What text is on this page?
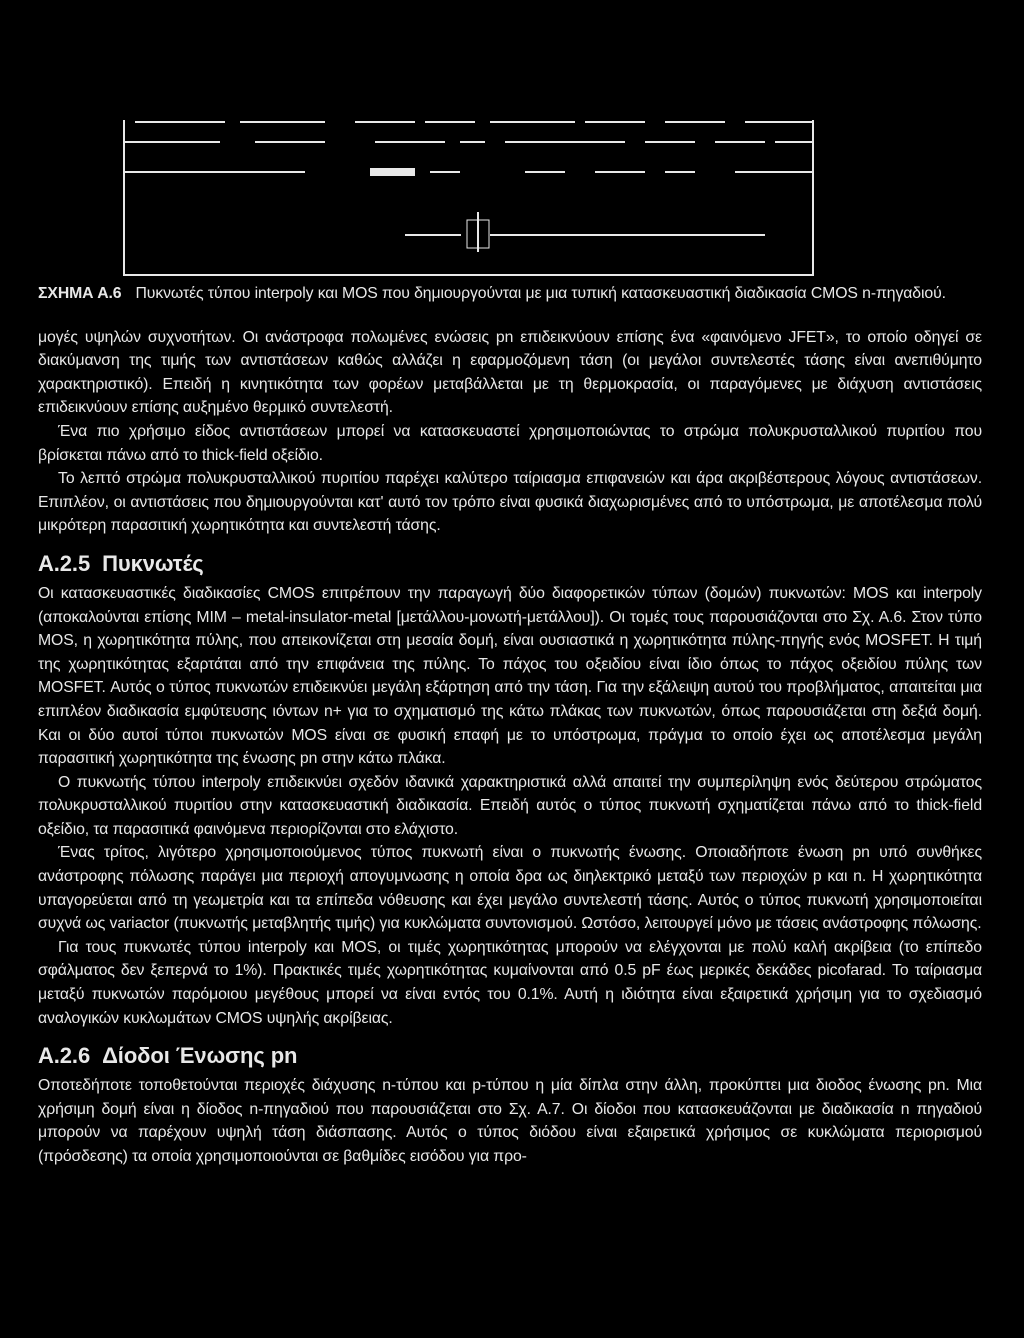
ΣΧΗΜΑ Α.6 Πυκνωτές τύπου interpoly και MOS που δημιουργούνται με μια τυπική κατασκευαστική διαδικασία CMOS n-πηγαδιού.

μογές υψηλών συχνοτήτων. Οι ανάστροφα πολωμένες ενώσεις pn επιδεικνύουν επίσης ένα «φαινόμενο JFET», το οποίο οδηγεί σε διακύμανση της τιμής των αντιστάσεων καθώς αλλάζει η εφαρμοζόμενη τάση (οι μεγάλοι συντελεστές τάσης είναι ανεπιθύμητο χαρακτηριστικό). Επειδή η κινητικότητα των φορέων μεταβάλλεται με τη θερμοκρασία, οι παραγόμενες με διάχυση αντιστάσεις επιδεικνύουν επίσης αυξημένο θερμικό συντελεστή.

Ένα πιο χρήσιμο είδος αντιστάσεων μπορεί να κατασκευαστεί χρησιμοποιώντας το στρώμα πολυκρυσταλλικού πυριτίου που βρίσκεται πάνω από το thick-field οξείδιο.

Το λεπτό στρώμα πολυκρυσταλλικού πυριτίου παρέχει καλύτερο ταίριασμα επιφανειών και άρα ακριβέστερους λόγους αντιστάσεων. Επιπλέον, οι αντιστάσεις που δημιουργούνται κατ' αυτό τον τρόπο είναι φυσικά διαχωρισμένες από το υπόστρωμα, με αποτέλεσμα πολύ μικρότερη παρασιτική χωρητικότητα και συντελεστή τάσης.

Α.2.5 Πυκνωτές

Οι κατασκευαστικές διαδικασίες CMOS επιτρέπουν την παραγωγή δύο διαφορετικών τύπων (δομών) πυκνωτών: MOS και interpoly (αποκαλούνται επίσης MIM – metal-insulator-metal [μετάλλου-μονωτή-μετάλλου]). Οι τομές τους παρουσιάζονται στο Σχ. Α.6. Στον τύπο MOS, η χωρητικότητα πύλης, που απεικονίζεται στη μεσαία δομή, είναι ουσιαστικά η χωρητικότητα πύλης-πηγής ενός MOSFET. Η τιμή της χωρητικότητας εξαρτάται από την επιφάνεια της πύλης. Το πάχος του οξειδίου είναι ίδιο όπως το πάχος οξειδίου πύλης των MOSFET. Αυτός ο τύπος πυκνωτών επιδεικνύει μεγάλη εξάρτηση από την τάση. Για την εξάλειψη αυτού του προβλήματος, απαιτείται μια επιπλέον διαδικασία εμφύτευσης ιόντων n+ για το σχηματισμό της κάτω πλάκας των πυκνωτών, όπως παρουσιάζεται στη δεξιά δομή. Και οι δύο αυτοί τύποι πυκνωτών MOS είναι σε φυσική επαφή με το υπόστρωμα, πράγμα το οποίο έχει ως αποτέλεσμα μεγάλη παρασιτική χωρητικότητα της ένωσης pn στην κάτω πλάκα.

Ο πυκνωτής τύπου interpoly επιδεικνύει σχεδόν ιδανικά χαρακτηριστικά αλλά απαιτεί την συμπερίληψη ενός δεύτερου στρώματος πολυκρυσταλλικού πυριτίου στην κατασκευαστική διαδικασία. Επειδή αυτός ο τύπος πυκνωτή σχηματίζεται πάνω από το thick-field οξείδιο, τα παρασιτικά φαινόμενα περιορίζονται στο ελάχιστο.

Ένας τρίτος, λιγότερο χρησιμοποιούμενος τύπος πυκνωτή είναι ο πυκνωτής ένωσης. Οποιαδήποτε ένωση pn υπό συνθήκες ανάστροφης πόλωσης παράγει μια περιοχή απογυμνωσης η οποία δρα ως διηλεκτρικό μεταξύ των περιοχών p και n. Η χωρητικότητα υπαγορεύεται από τη γεωμετρία και τα επίπεδα νόθευσης και έχει μεγάλο συντελεστή τάσης. Αυτός ο τύπος πυκνωτή χρησιμοποιείται συχνά ως variactor (πυκνωτής μεταβλητής τιμής) για κυκλώματα συντονισμού. Ωστόσο, λειτουργεί μόνο με τάσεις ανάστροφης πόλωσης.

Για τους πυκνωτές τύπου interpoly και MOS, οι τιμές χωρητικότητας μπορούν να ελέγχονται με πολύ καλή ακρίβεια (το επίπεδο σφάλματος δεν ξεπερνά το 1%). Πρακτικές τιμές χωρητικότητας κυμαίνονται από 0.5 pF έως μερικές δεκάδες picofarad. Το ταίριασμα μεταξύ πυκνωτών παρόμοιου μεγέθους μπορεί να είναι εντός του 0.1%. Αυτή η ιδιότητα είναι εξαιρετικά χρήσιμη για το σχεδιασμό αναλογικών κυκλωμάτων CMOS υψηλής ακρίβειας.

Α.2.6 Δίοδοι Ένωσης pn

Οποτεδήποτε τοποθετούνται περιοχές διάχυσης n-τύπου και p-τύπου η μία δίπλα στην άλλη, προκύπτει μια διοδος ένωσης pn. Μια χρήσιμη δομή είναι η δίοδος n-πηγαδιού που παρουσιάζεται στο Σχ. Α.7. Οι δίοδοι που κατασκευάζονται με διαδικασία n πηγαδιού μπορούν να παρέχουν υψηλή τάση διάσπασης. Αυτός ο τύπος διόδου είναι εξαιρετικά χρήσιμος σε κυκλώματα περιορισμού (πρόσδεσης) τα οποία χρησιμοποιούνται σε βαθμίδες εισόδου για προ-
